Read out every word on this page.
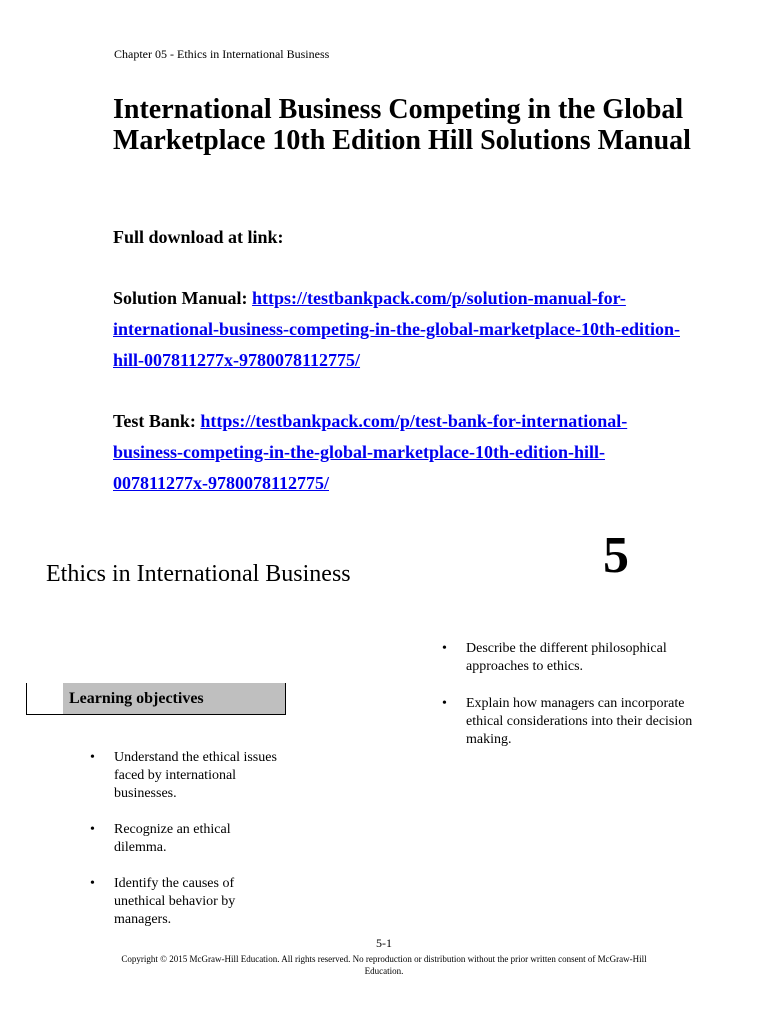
Chapter 05 - Ethics in International Business
International Business Competing in the Global Marketplace 10th Edition Hill Solutions Manual

Full download at link:

Solution Manual: https://testbankpack.com/p/solution-manual-for-international-business-competing-in-the-global-marketplace-10th-edition-hill-007811277x-9780078112775/

Test Bank: https://testbankpack.com/p/test-bank-for-international-business-competing-in-the-global-marketplace-10th-edition-hill-007811277x-9780078112775/

Ethics in International Business	5
Learning objectives
• Understand the ethical issues faced by international businesses.
• Recognize an ethical dilemma.
• Identify the causes of unethical behavior by managers.
• Describe the different philosophical approaches to ethics.
• Explain how managers can incorporate ethical considerations into their decision making.
5-1
Copyright © 2015 McGraw-Hill Education. All rights reserved. No reproduction or distribution without the prior written consent of McGraw-Hill Education.
